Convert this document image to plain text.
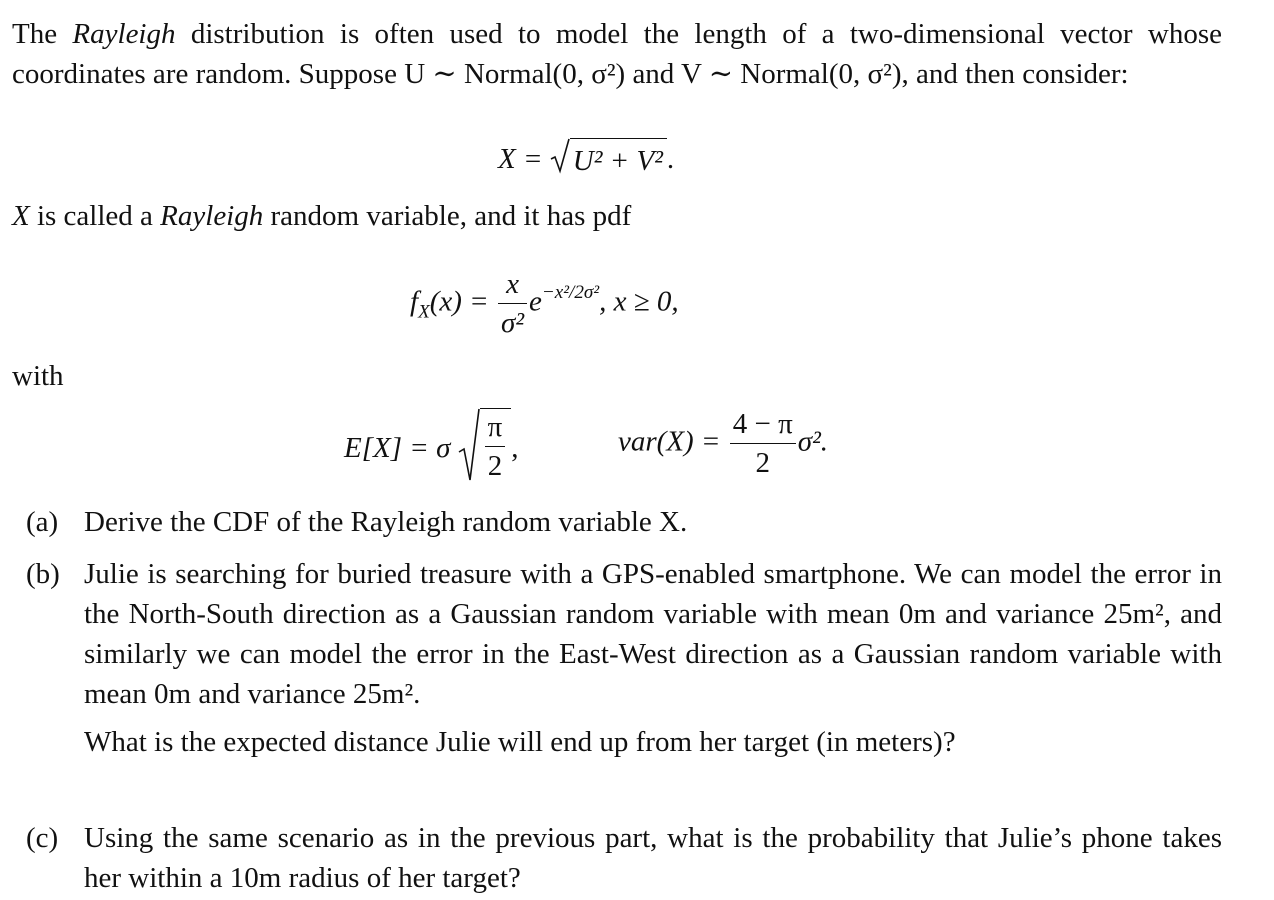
The Rayleigh distribution is often used to model the length of a two-dimensional vector whose coordinates are random. Suppose U ∼ Normal(0, σ²) and V ∼ Normal(0, σ²), and then consider:

X = U² + V² .

X is called a Rayleigh random variable, and it has pdf

$f_X(x) = \frac{x}{\text{σ²}} e^{-x^2/2\sigma^2}$, x ≥ 0,

with

E[X] = σ $\frac{\pi}{2}$ ,	$var(X) = \frac{4 - \pi}{2} \sigma^2$.
(a) Derive the CDF of the Rayleigh random variable X.

(b) Julie is searching for buried treasure with a GPS-enabled smartphone. We can model the error in the North-South direction as a Gaussian random variable with mean 0m and variance 25m², and similarly we can model the error in the East-West direction as a Gaussian random variable with mean 0m and variance 25m².

What is the expected distance Julie will end up from her target (in meters)?

(c) Using the same scenario as in the previous part, what is the probability that Julie’s phone takes her within a 10m radius of her target?
